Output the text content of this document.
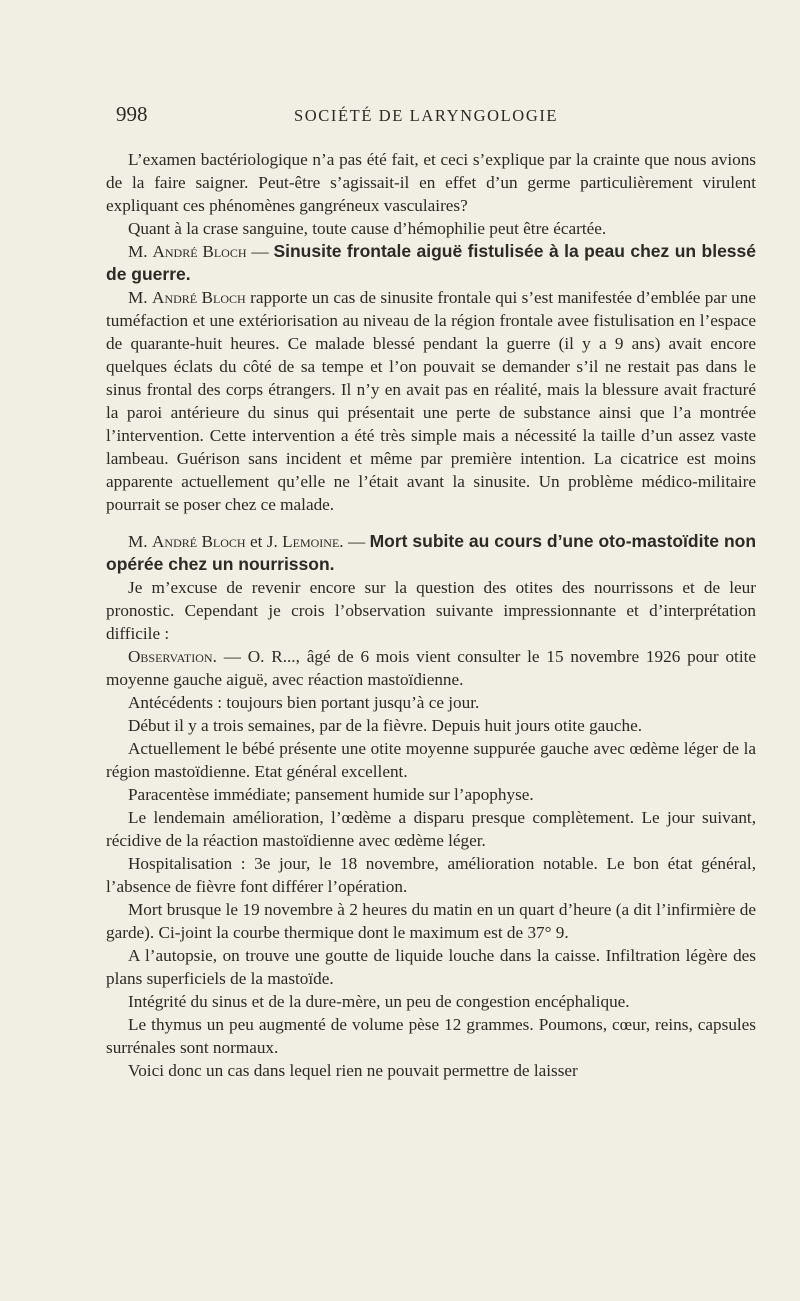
998	SOCIÉTÉ DE LARYNGOLOGIE

L’examen bactériologique n’a pas été fait, et ceci s’explique par la crainte que nous avions de la faire saigner. Peut-être s’agissait-il en effet d’un germe particulièrement virulent expliquant ces phénomènes gangréneux vasculaires?

Quant à la crase sanguine, toute cause d’hémophilie peut être écartée.

M. André Bloch — Sinusite frontale aiguë fistulisée à la peau chez un blessé de guerre.

M. André Bloch rapporte un cas de sinusite frontale qui s’est manifestée d’emblée par une tuméfaction et une extériorisation au niveau de la région frontale avee fistulisation en l’espace de quarante-huit heures. Ce malade blessé pendant la guerre (il y a 9 ans) avait encore quelques éclats du côté de sa tempe et l’on pouvait se demander s’il ne restait pas dans le sinus frontal des corps étrangers. Il n’y en avait pas en réalité, mais la blessure avait fracturé la paroi antérieure du sinus qui présentait une perte de substance ainsi que l’a montrée l’intervention. Cette intervention a été très simple mais a nécessité la taille d’un assez vaste lambeau. Guérison sans incident et même par première intention. La cicatrice est moins apparente actuellement qu’elle ne l’était avant la sinusite. Un problème médico-militaire pourrait se poser chez ce malade.

M. André Bloch et J. Lemoine. — Mort subite au cours d’une oto-mastoïdite non opérée chez un nourrisson.

Je m’excuse de revenir encore sur la question des otites des nourrissons et de leur pronostic. Cependant je crois l’observation suivante impressionnante et d’interprétation difficile :

Observation. — O. R..., âgé de 6 mois vient consulter le 15 novembre 1926 pour otite moyenne gauche aiguë, avec réaction mastoïdienne.

Antécédents : toujours bien portant jusqu’à ce jour.

Début il y a trois semaines, par de la fièvre. Depuis huit jours otite gauche.

Actuellement le bébé présente une otite moyenne suppurée gauche avec œdème léger de la région mastoïdienne. Etat général excellent.

Paracentèse immédiate; pansement humide sur l’apophyse.

Le lendemain amélioration, l’œdème a disparu presque complètement. Le jour suivant, récidive de la réaction mastoïdienne avec œdème léger.

Hospitalisation : 3e jour, le 18 novembre, amélioration notable. Le bon état général, l’absence de fièvre font différer l’opération.

Mort brusque le 19 novembre à 2 heures du matin en un quart d’heure (a dit l’infirmière de garde). Ci-joint la courbe thermique dont le maximum est de 37° 9.

A l’autopsie, on trouve une goutte de liquide louche dans la caisse. Infiltration légère des plans superficiels de la mastoïde.

Intégrité du sinus et de la dure-mère, un peu de congestion encéphalique.

Le thymus un peu augmenté de volume pèse 12 grammes. Poumons, cœur, reins, capsules surrénales sont normaux.

Voici donc un cas dans lequel rien ne pouvait permettre de laisser
